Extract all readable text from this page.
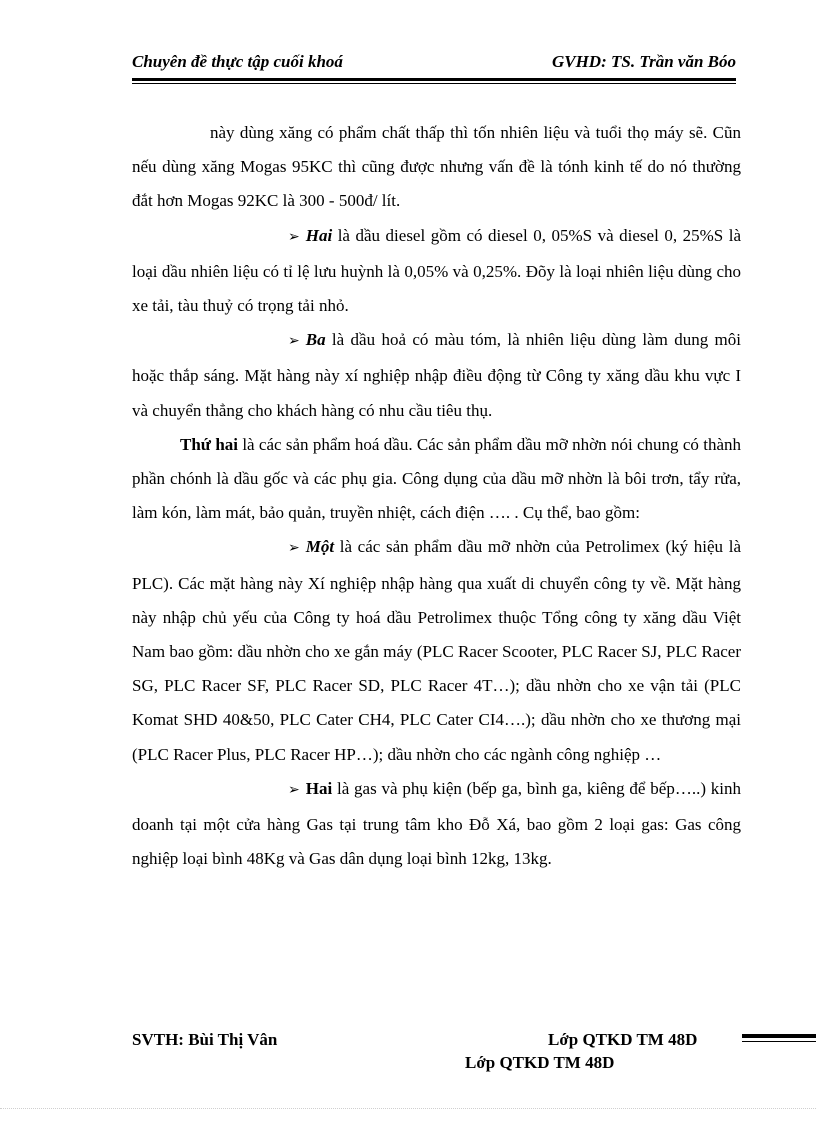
Chuyên đề thực tập cuối khoá	GVHD: TS. Trần văn Bóo

này dùng xăng có phẩm chất thấp thì tốn nhiên liệu và tuổi thọ máy sẽ. Cũn nếu dùng xăng Mogas 95KC thì cũng được nhưng vấn đề là tónh kinh tế do nó thường đắt hơn Mogas 92KC là 300 - 500đ/ lít.

➢ Hai là dầu diesel gồm có diesel 0, 05%S và diesel 0, 25%S là loại dầu nhiên liệu có tỉ lệ lưu huỳnh là 0,05% và 0,25%. Đõy là loại nhiên liệu dùng cho xe tải, tàu thuỷ có trọng tải nhỏ.

➢ Ba là dầu hoả có màu tóm, là nhiên liệu dùng làm dung môi hoặc thắp sáng. Mặt hàng này xí nghiệp nhập điều động từ Công ty xăng dầu khu vực I và chuyển thẳng cho khách hàng có nhu cầu tiêu thụ.

Thứ hai là các sản phẩm hoá dầu. Các sản phẩm dầu mỡ nhờn nói chung có thành phần chónh là dầu gốc và các phụ gia. Công dụng của dầu mỡ nhờn là bôi trơn, tẩy rửa, làm kón, làm mát, bảo quản, truyền nhiệt, cách điện …. . Cụ thể, bao gồm:

➢ Một là các sản phẩm dầu mỡ nhờn của Petrolimex (ký hiệu là PLC). Các mặt hàng này Xí nghiệp nhập hàng qua xuất di chuyển công ty về. Mặt hàng này nhập chủ yếu của Công ty hoá dầu Petrolimex thuộc Tổng công ty xăng dầu Việt Nam bao gồm: dầu nhờn cho xe gắn máy (PLC Racer Scooter, PLC Racer SJ, PLC Racer SG, PLC Racer SF, PLC Racer SD, PLC Racer 4T…); dầu nhờn cho xe vận tải (PLC Komat SHD 40&50, PLC Cater CH4, PLC Cater CI4….); dầu nhờn cho xe thương mại (PLC Racer Plus, PLC Racer HP…); dầu nhờn cho các ngành công nghiệp …

➢ Hai là gas và phụ kiện (bếp ga, bình ga, kiêng để bếp…..) kinh doanh tại một cửa hàng Gas tại trung tâm kho Đỗ Xá, bao gồm 2 loại gas: Gas công nghiệp loại bình 48Kg và Gas dân dụng loại bình 12kg, 13kg.

SVTH: Bùi Thị Vân	Lớp QTKD TM 48D
Lớp QTKD TM 48D
